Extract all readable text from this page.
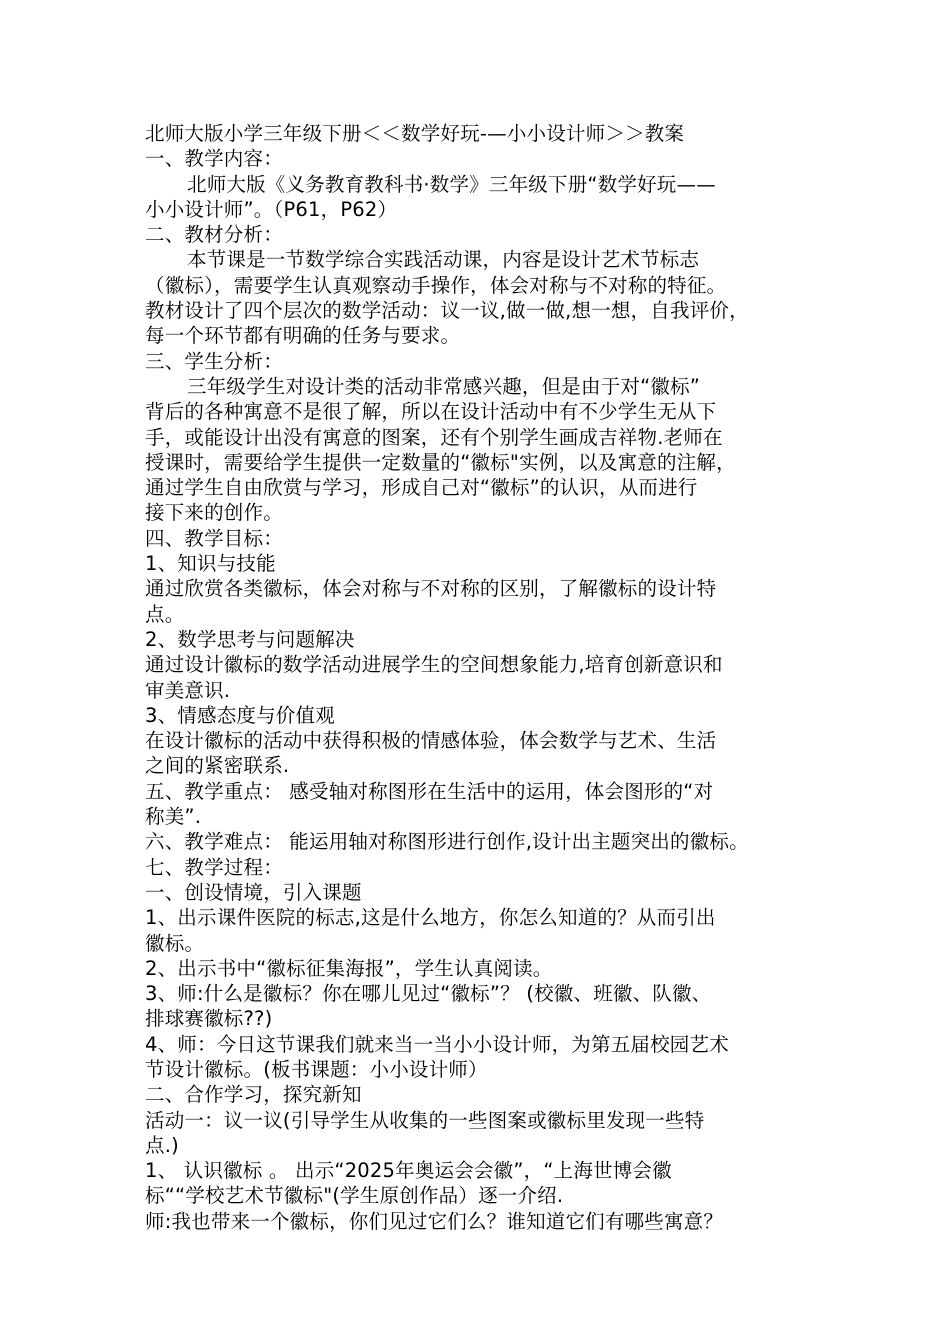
北师大版小学三年级下册＜＜数学好玩-—小小设计师＞＞教案
一、教学内容：
北师大版《义务教育教科书·数学》三年级下册“数学好玩——
小小设计师”。（P61，P62）
二、教材分析：
本节课是一节数学综合实践活动课，内容是设计艺术节标志
（徽标），需要学生认真观察动手操作，体会对称与不对称的特征。
教材设计了四个层次的数学活动：议一议,做一做,想一想，自我评价，
每一个环节都有明确的任务与要求。
三、学生分析：
三年级学生对设计类的活动非常感兴趣，但是由于对“徽标”
背后的各种寓意不是很了解，所以在设计活动中有不少学生无从下
手，或能设计出没有寓意的图案，还有个别学生画成吉祥物.老师在
授课时，需要给学生提供一定数量的“徽标"实例，以及寓意的注解，
通过学生自由欣赏与学习，形成自己对“徽标”的认识，从而进行
接下来的创作。
四、教学目标：
1、知识与技能
通过欣赏各类徽标，体会对称与不对称的区别，了解徽标的设计特
点。
2、数学思考与问题解决
通过设计徽标的数学活动进展学生的空间想象能力,培育创新意识和
审美意识.
3、情感态度与价值观
在设计徽标的活动中获得积极的情感体验，体会数学与艺术、生活
之间的紧密联系.
五、教学重点： 感受轴对称图形在生活中的运用，体会图形的“对
称美”.
六、教学难点： 能运用轴对称图形进行创作,设计出主题突出的徽标。
七、教学过程：
一、创设情境，引入课题
1、出示课件医院的标志,这是什么地方，你怎么知道的？从而引出
徽标。
2、出示书中“徽标征集海报”，学生认真阅读。
3、师:什么是徽标？你在哪儿见过“徽标”？ (校徽、班徽、队徽、
排球赛徽标??)
4、师：今日这节课我们就来当一当小小设计师，为第五届校园艺术
节设计徽标。(板书课题：小小设计师）
二、合作学习，探究新知
活动一：议一议(引导学生从收集的一些图案或徽标里发现一些特
点.)
1、 认识徽标 。 出示“2025年奥运会会徽”，“上海世博会徽
标““学校艺术节徽标"(学生原创作品）逐一介绍.
师:我也带来一个徽标，你们见过它们么？谁知道它们有哪些寓意？
